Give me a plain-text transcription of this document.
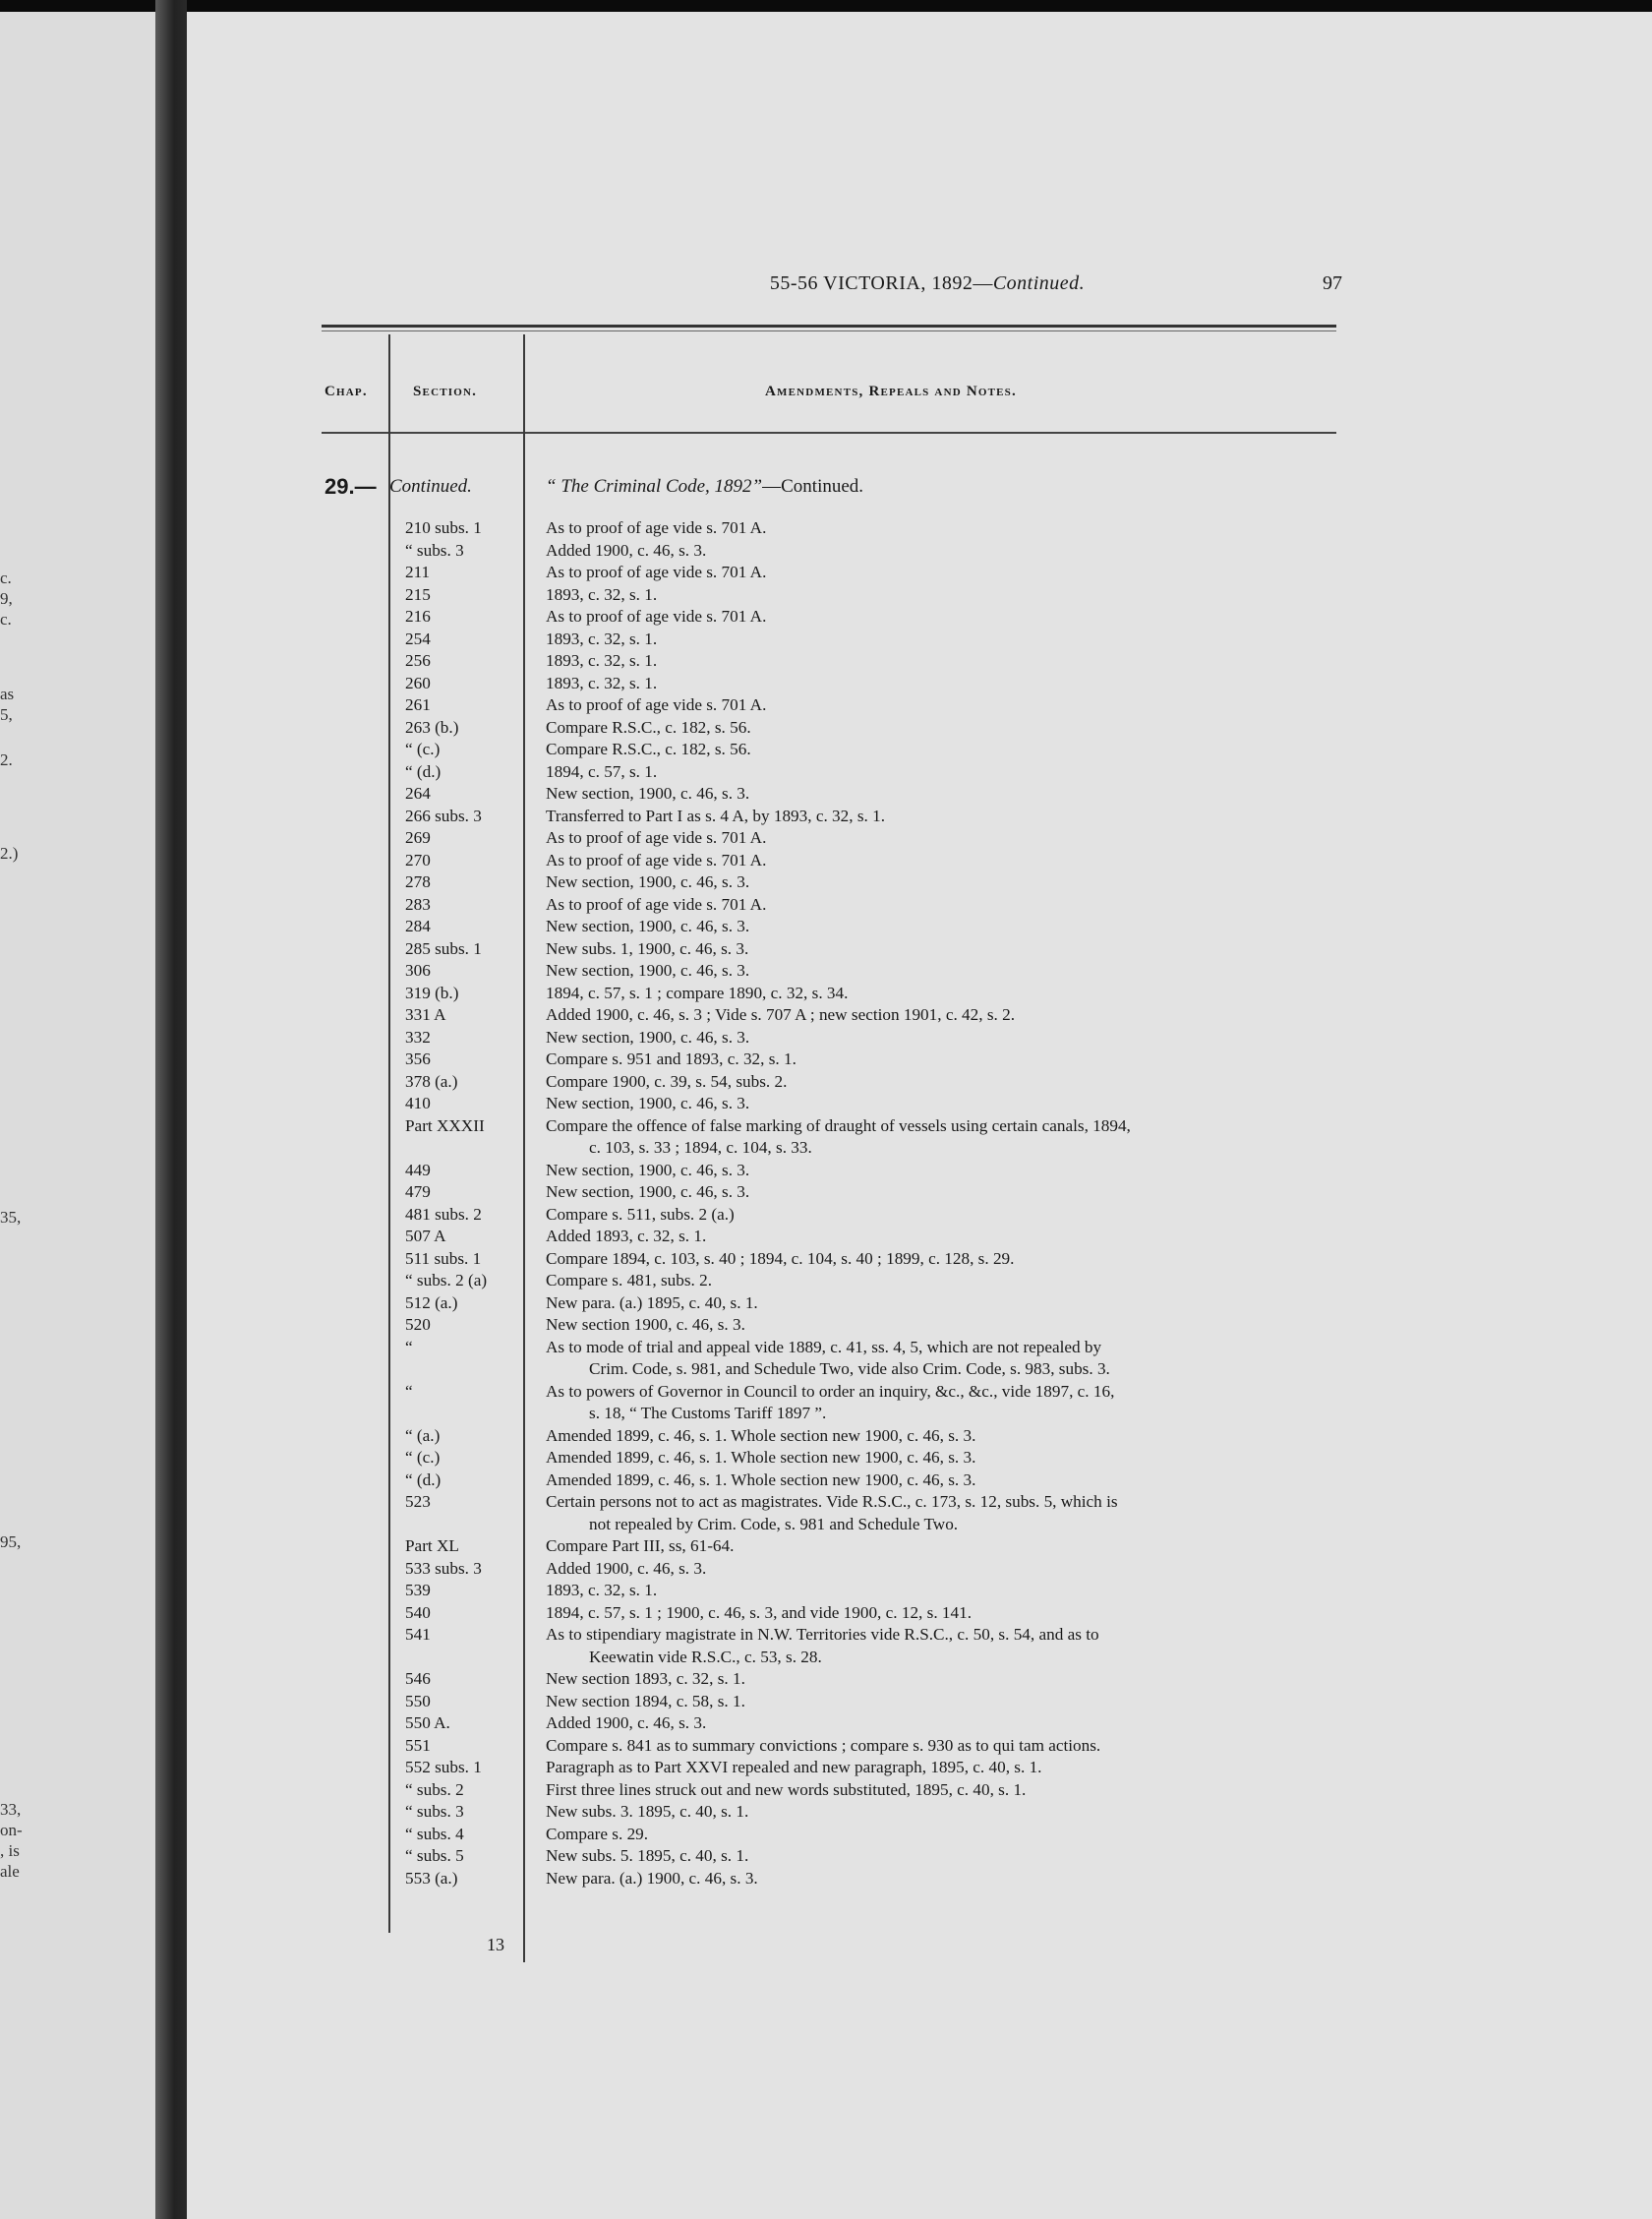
c.
9,
c.
as
5,
2.
2.)
35,
95,
33,
on-
, is
ale
55-56 VICTORIA, 1892—Continued.	97
Chap.	Section.	Amendments, Repeals and Notes.
29.— Continued.	“ The Criminal Code, 1892”—Continued.
210 subs. 1	As to proof of age vide s. 701 A.
“ subs. 3	Added 1900, c. 46, s. 3.
211	As to proof of age vide s. 701 A.
215	1893, c. 32, s. 1.
216	As to proof of age vide s. 701 A.
254	1893, c. 32, s. 1.
256	1893, c. 32, s. 1.
260	1893, c. 32, s. 1.
261	As to proof of age vide s. 701 A.
263 (b.)	Compare R.S.C., c. 182, s. 56.
“ (c.)	Compare R.S.C., c. 182, s. 56.
“ (d.)	1894, c. 57, s. 1.
264	New section, 1900, c. 46, s. 3.
266 subs. 3	Transferred to Part I as s. 4 A, by 1893, c. 32, s. 1.
269	As to proof of age vide s. 701 A.
270	As to proof of age vide s. 701 A.
278	New section, 1900, c. 46, s. 3.
283	As to proof of age vide s. 701 A.
284	New section, 1900, c. 46, s. 3.
285 subs. 1	New subs. 1, 1900, c. 46, s. 3.
306	New section, 1900, c. 46, s. 3.
319 (b.)	1894, c. 57, s. 1 ; compare 1890, c. 32, s. 34.
331 A	Added 1900, c. 46, s. 3 ; Vide s. 707 A ; new section 1901, c. 42, s. 2.
332	New section, 1900, c. 46, s. 3.
356	Compare s. 951 and 1893, c. 32, s. 1.
378 (a.)	Compare 1900, c. 39, s. 54, subs. 2.
410	New section, 1900, c. 46, s. 3.
Part XXXII	Compare the offence of false marking of draught of vessels using certain canals, 1894,
c. 103, s. 33 ; 1894, c. 104, s. 33.
449	New section, 1900, c. 46, s. 3.
479	New section, 1900, c. 46, s. 3.
481 subs. 2	Compare s. 511, subs. 2 (a.)
507 A	Added 1893, c. 32, s. 1.
511 subs. 1	Compare 1894, c. 103, s. 40 ; 1894, c. 104, s. 40 ; 1899, c. 128, s. 29.
“ subs. 2 (a)	Compare s. 481, subs. 2.
512 (a.)	New para. (a.) 1895, c. 40, s. 1.
520	New section 1900, c. 46, s. 3.
“	As to mode of trial and appeal vide 1889, c. 41, ss. 4, 5, which are not repealed by
Crim. Code, s. 981, and Schedule Two, vide also Crim. Code, s. 983, subs. 3.
“	As to powers of Governor in Council to order an inquiry, &c., &c., vide 1897, c. 16,
s. 18, “ The Customs Tariff 1897 ”.
“ (a.)	Amended 1899, c. 46, s. 1. Whole section new 1900, c. 46, s. 3.
“ (c.)	Amended 1899, c. 46, s. 1. Whole section new 1900, c. 46, s. 3.
“ (d.)	Amended 1899, c. 46, s. 1. Whole section new 1900, c. 46, s. 3.
523	Certain persons not to act as magistrates. Vide R.S.C., c. 173, s. 12, subs. 5, which is
not repealed by Crim. Code, s. 981 and Schedule Two.
Part XL	Compare Part III, ss, 61-64.
533 subs. 3	Added 1900, c. 46, s. 3.
539	1893, c. 32, s. 1.
540	1894, c. 57, s. 1 ; 1900, c. 46, s. 3, and vide 1900, c. 12, s. 141.
541	As to stipendiary magistrate in N.W. Territories vide R.S.C., c. 50, s. 54, and as to
Keewatin vide R.S.C., c. 53, s. 28.
546	New section 1893, c. 32, s. 1.
550	New section 1894, c. 58, s. 1.
550 A.	Added 1900, c. 46, s. 3.
551	Compare s. 841 as to summary convictions ; compare s. 930 as to qui tam actions.
552 subs. 1	Paragraph as to Part XXVI repealed and new paragraph, 1895, c. 40, s. 1.
“ subs. 2	First three lines struck out and new words substituted, 1895, c. 40, s. 1.
“ subs. 3	New subs. 3. 1895, c. 40, s. 1.
“ subs. 4	Compare s. 29.
“ subs. 5	New subs. 5. 1895, c. 40, s. 1.
553 (a.)	New para. (a.) 1900, c. 46, s. 3.
13
